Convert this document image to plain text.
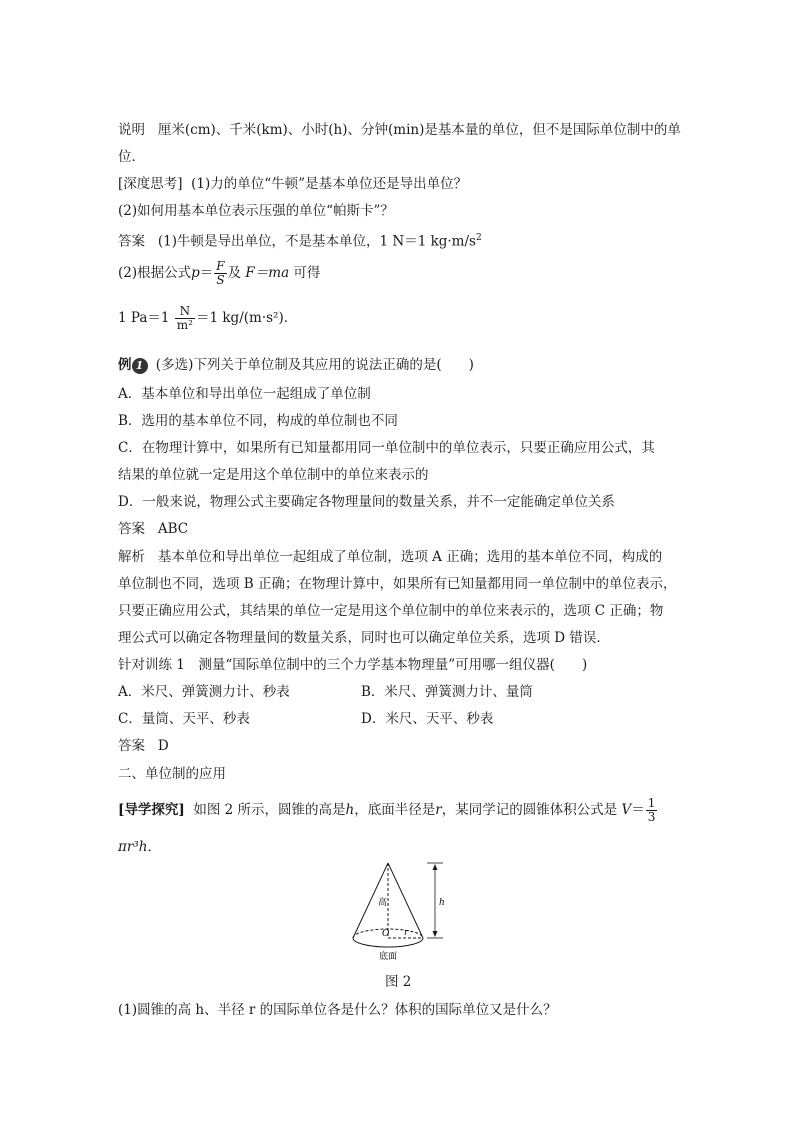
说明 厘米(cm)、千米(km)、小时(h)、分钟(min)是基本量的单位，但不是国际单位制中的单
位．
[深度思考] (1)力的单位“牛顿”是基本单位还是导出单位？
(2)如何用基本单位表示压强的单位“帕斯卡”？
答案 (1)牛顿是导出单位，不是基本单位，1 N＝1 $kg\cdot m/s^2$
(2)根据公式$p= \frac{F}{S}$ 及 F＝ma 可得
1 $Pa=1 \frac{N}{\text{m²}} =1$ kg/(m·s²)．
例 1 (多选)下列关于单位制及其应用的说法正确的是(　　)
A．基本单位和导出单位一起组成了单位制
B．选用的基本单位不同，构成的单位制也不同
C．在物理计算中，如果所有已知量都用同一单位制中的单位表示，只要正确应用公式，其
结果的单位就一定是用这个单位制中的单位来表示的
D．一般来说，物理公式主要确定各物理量间的数量关系，并不一定能确定单位关系
答案 ABC
解析 基本单位和导出单位一起组成了单位制，选项 A 正确；选用的基本单位不同，构成的
单位制也不同，选项 B 正确；在物理计算中，如果所有已知量都用同一单位制中的单位表示，
只要正确应用公式，其结果的单位一定是用这个单位制中的单位来表示的，选项 C 正确；物
理公式可以确定各物理量间的数量关系，同时也可以确定单位关系，选项 D 错误．
针对训练 1　测量“国际单位制中的三个力学基本物理量”可用哪一组仪器(　　)
A．米尺、弹簧测力计、秒表	B．米尺、弹簧测力计、量筒
C．量筒、天平、秒表	D．米尺、天平、秒表
答案 D
二、单位制的应用
[导学探究] 如图 2 所示，圆锥的高是h，底面半径是r，某同学记的圆锥体积公式是 $V= \frac{1}{3}$
πr³h．
高	h
O r
底面
图 2
(1)圆锥的高 h、半径 r 的国际单位各是什么？体积的国际单位又是什么？
